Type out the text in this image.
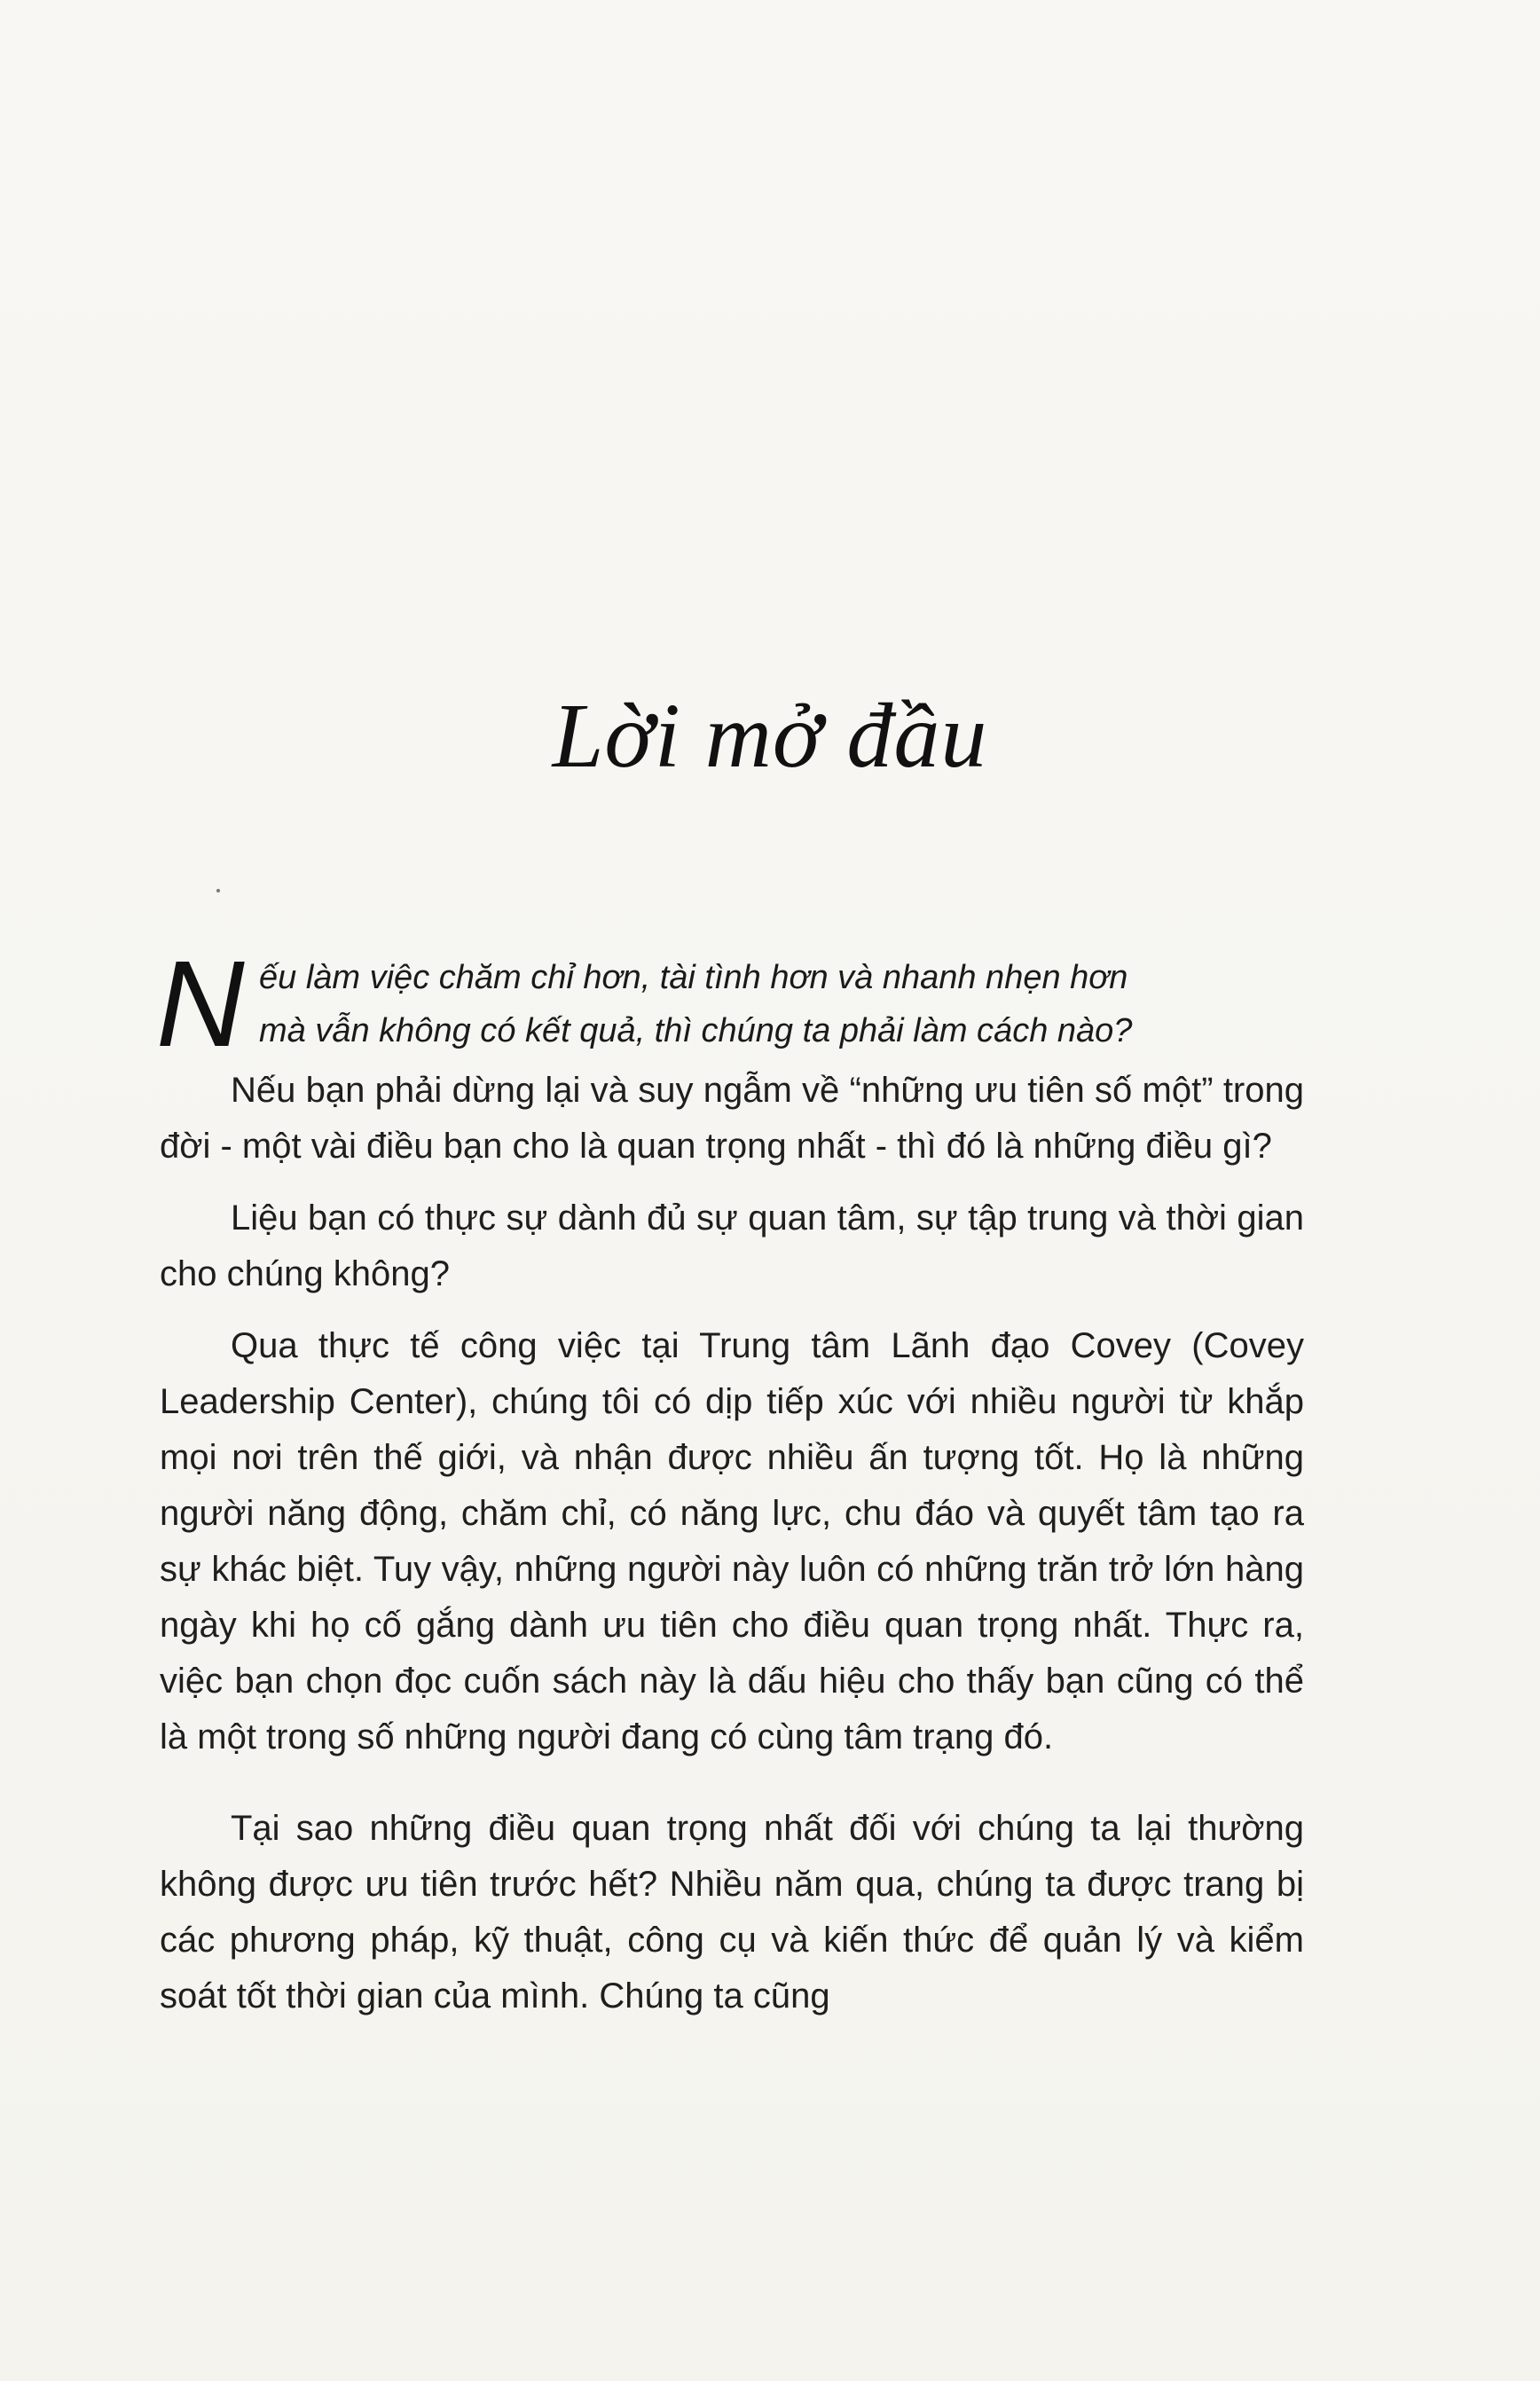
Lời mở đầu

N ếu làm việc chăm chỉ hơn, tài tình hơn và nhanh nhẹn hơn
mà vẫn không có kết quả, thì chúng ta phải làm cách nào?

Nếu bạn phải dừng lại và suy ngẫm về “những ưu tiên số một” trong đời - một vài điều bạn cho là quan trọng nhất - thì đó là những điều gì?

Liệu bạn có thực sự dành đủ sự quan tâm, sự tập trung và thời gian cho chúng không?

Qua thực tế công việc tại Trung tâm Lãnh đạo Covey (Covey Leadership Center), chúng tôi có dịp tiếp xúc với nhiều người từ khắp mọi nơi trên thế giới, và nhận được nhiều ấn tượng tốt. Họ là những người năng động, chăm chỉ, có năng lực, chu đáo và quyết tâm tạo ra sự khác biệt. Tuy vậy, những người này luôn có những trăn trở lớn hàng ngày khi họ cố gắng dành ưu tiên cho điều quan trọng nhất. Thực ra, việc bạn chọn đọc cuốn sách này là dấu hiệu cho thấy bạn cũng có thể là một trong số những người đang có cùng tâm trạng đó.

Tại sao những điều quan trọng nhất đối với chúng ta lại thường không được ưu tiên trước hết? Nhiều năm qua, chúng ta được trang bị các phương pháp, kỹ thuật, công cụ và kiến thức để quản lý và kiểm soát tốt thời gian của mình. Chúng ta cũng
